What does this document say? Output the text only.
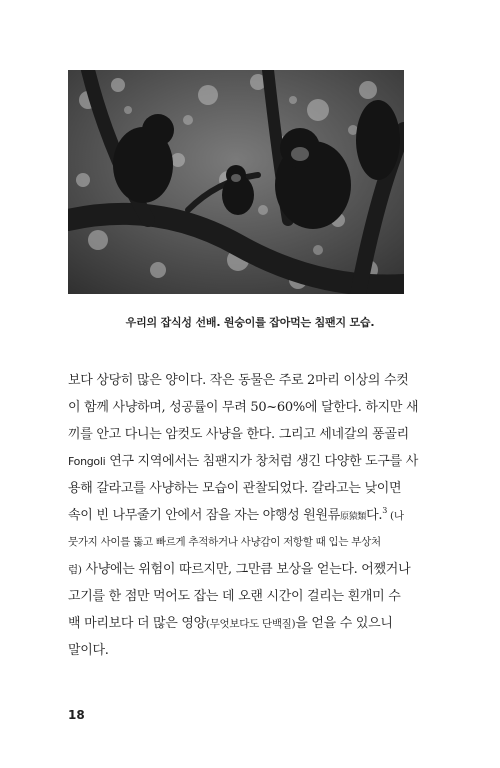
우리의 잡식성 선배. 원숭이를 잡아먹는 침팬지 모습.
보다 상당히 많은 양이다. 작은 동물은 주로 2마리 이상의 수컷
이 함께 사냥하며, 성공률이 무려 50~60%에 달한다. 하지만 새
끼를 안고 다니는 암컷도 사냥을 한다. 그리고 세네갈의 퐁골리
Fongoli 연구 지역에서는 침팬지가 창처럼 생긴 다양한 도구를 사
용해 갈라고를 사냥하는 모습이 관찰되었다. 갈라고는 낮이면
속이 빈 나무줄기 안에서 잠을 자는 야행성 원원류原猿類다.$^3$ (나
뭇가지 사이를 뚫고 빠르게 추적하거나 사냥감이 저항할 때 입는 부상처
럼) 사냥에는 위험이 따르지만, 그만큼 보상을 얻는다. 어쨌거나
고기를 한 점만 먹어도 잡는 데 오랜 시간이 걸리는 흰개미 수
백 마리보다 더 많은 영양(무엇보다도 단백질)을 얻을 수 있으니
말이다.
18
